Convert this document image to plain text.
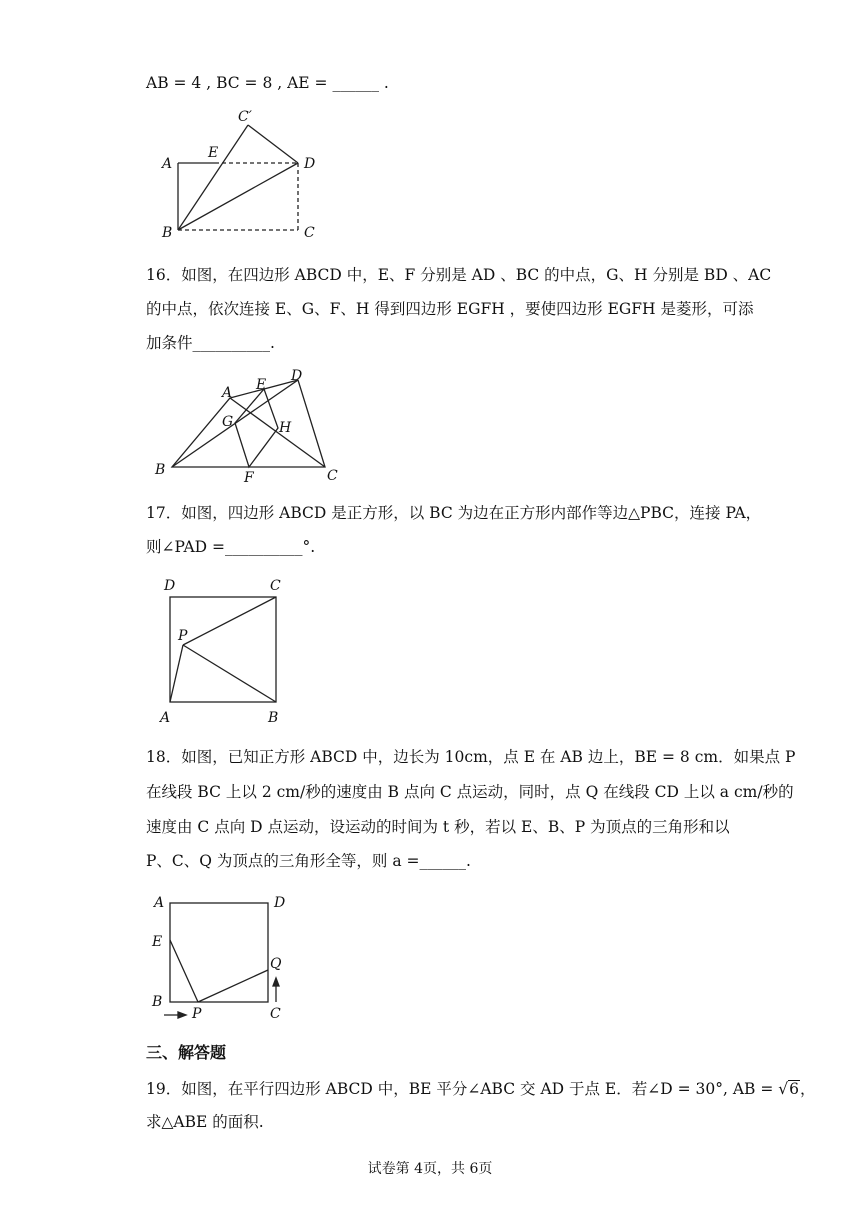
AB = 4 , BC = 8 , AE = ______ .
C′
A
E
D
B	C
16．如图，在四边形 ABCD 中，E、F 分别是 AD 、BC 的中点，G、H 分别是 BD 、AC
的中点，依次连接 E、G、F、H 得到四边形 EGFH ，要使四边形 EGFH 是菱形，可添
加条件__________.
A E
D
G	H
B	F	C
17．如图，四边形 ABCD 是正方形，以 BC 为边在正方形内部作等边△PBC，连接 PA，
则∠PAD =__________°.
D	C
P
A	B
18．如图，已知正方形 ABCD 中，边长为 10cm，点 E 在 AB 边上，BE = 8 cm．如果点 P
在线段 BC 上以 2 cm/秒的速度由 B 点向 C 点运动，同时，点 Q 在线段 CD 上以 a cm/秒的
速度由 C 点向 D 点运动，设运动的时间为 t 秒，若以 E、B、P 为顶点的三角形和以
P、C、Q 为顶点的三角形全等，则 a =______.
A	D
E
Q
B
P	C
三、解答题
19．如图，在平行四边形 ABCD 中，BE 平分∠ABC 交 AD 于点 E．若∠D = 30°, AB = √6，
求△ABE 的面积.
试卷第 4页，共 6页
